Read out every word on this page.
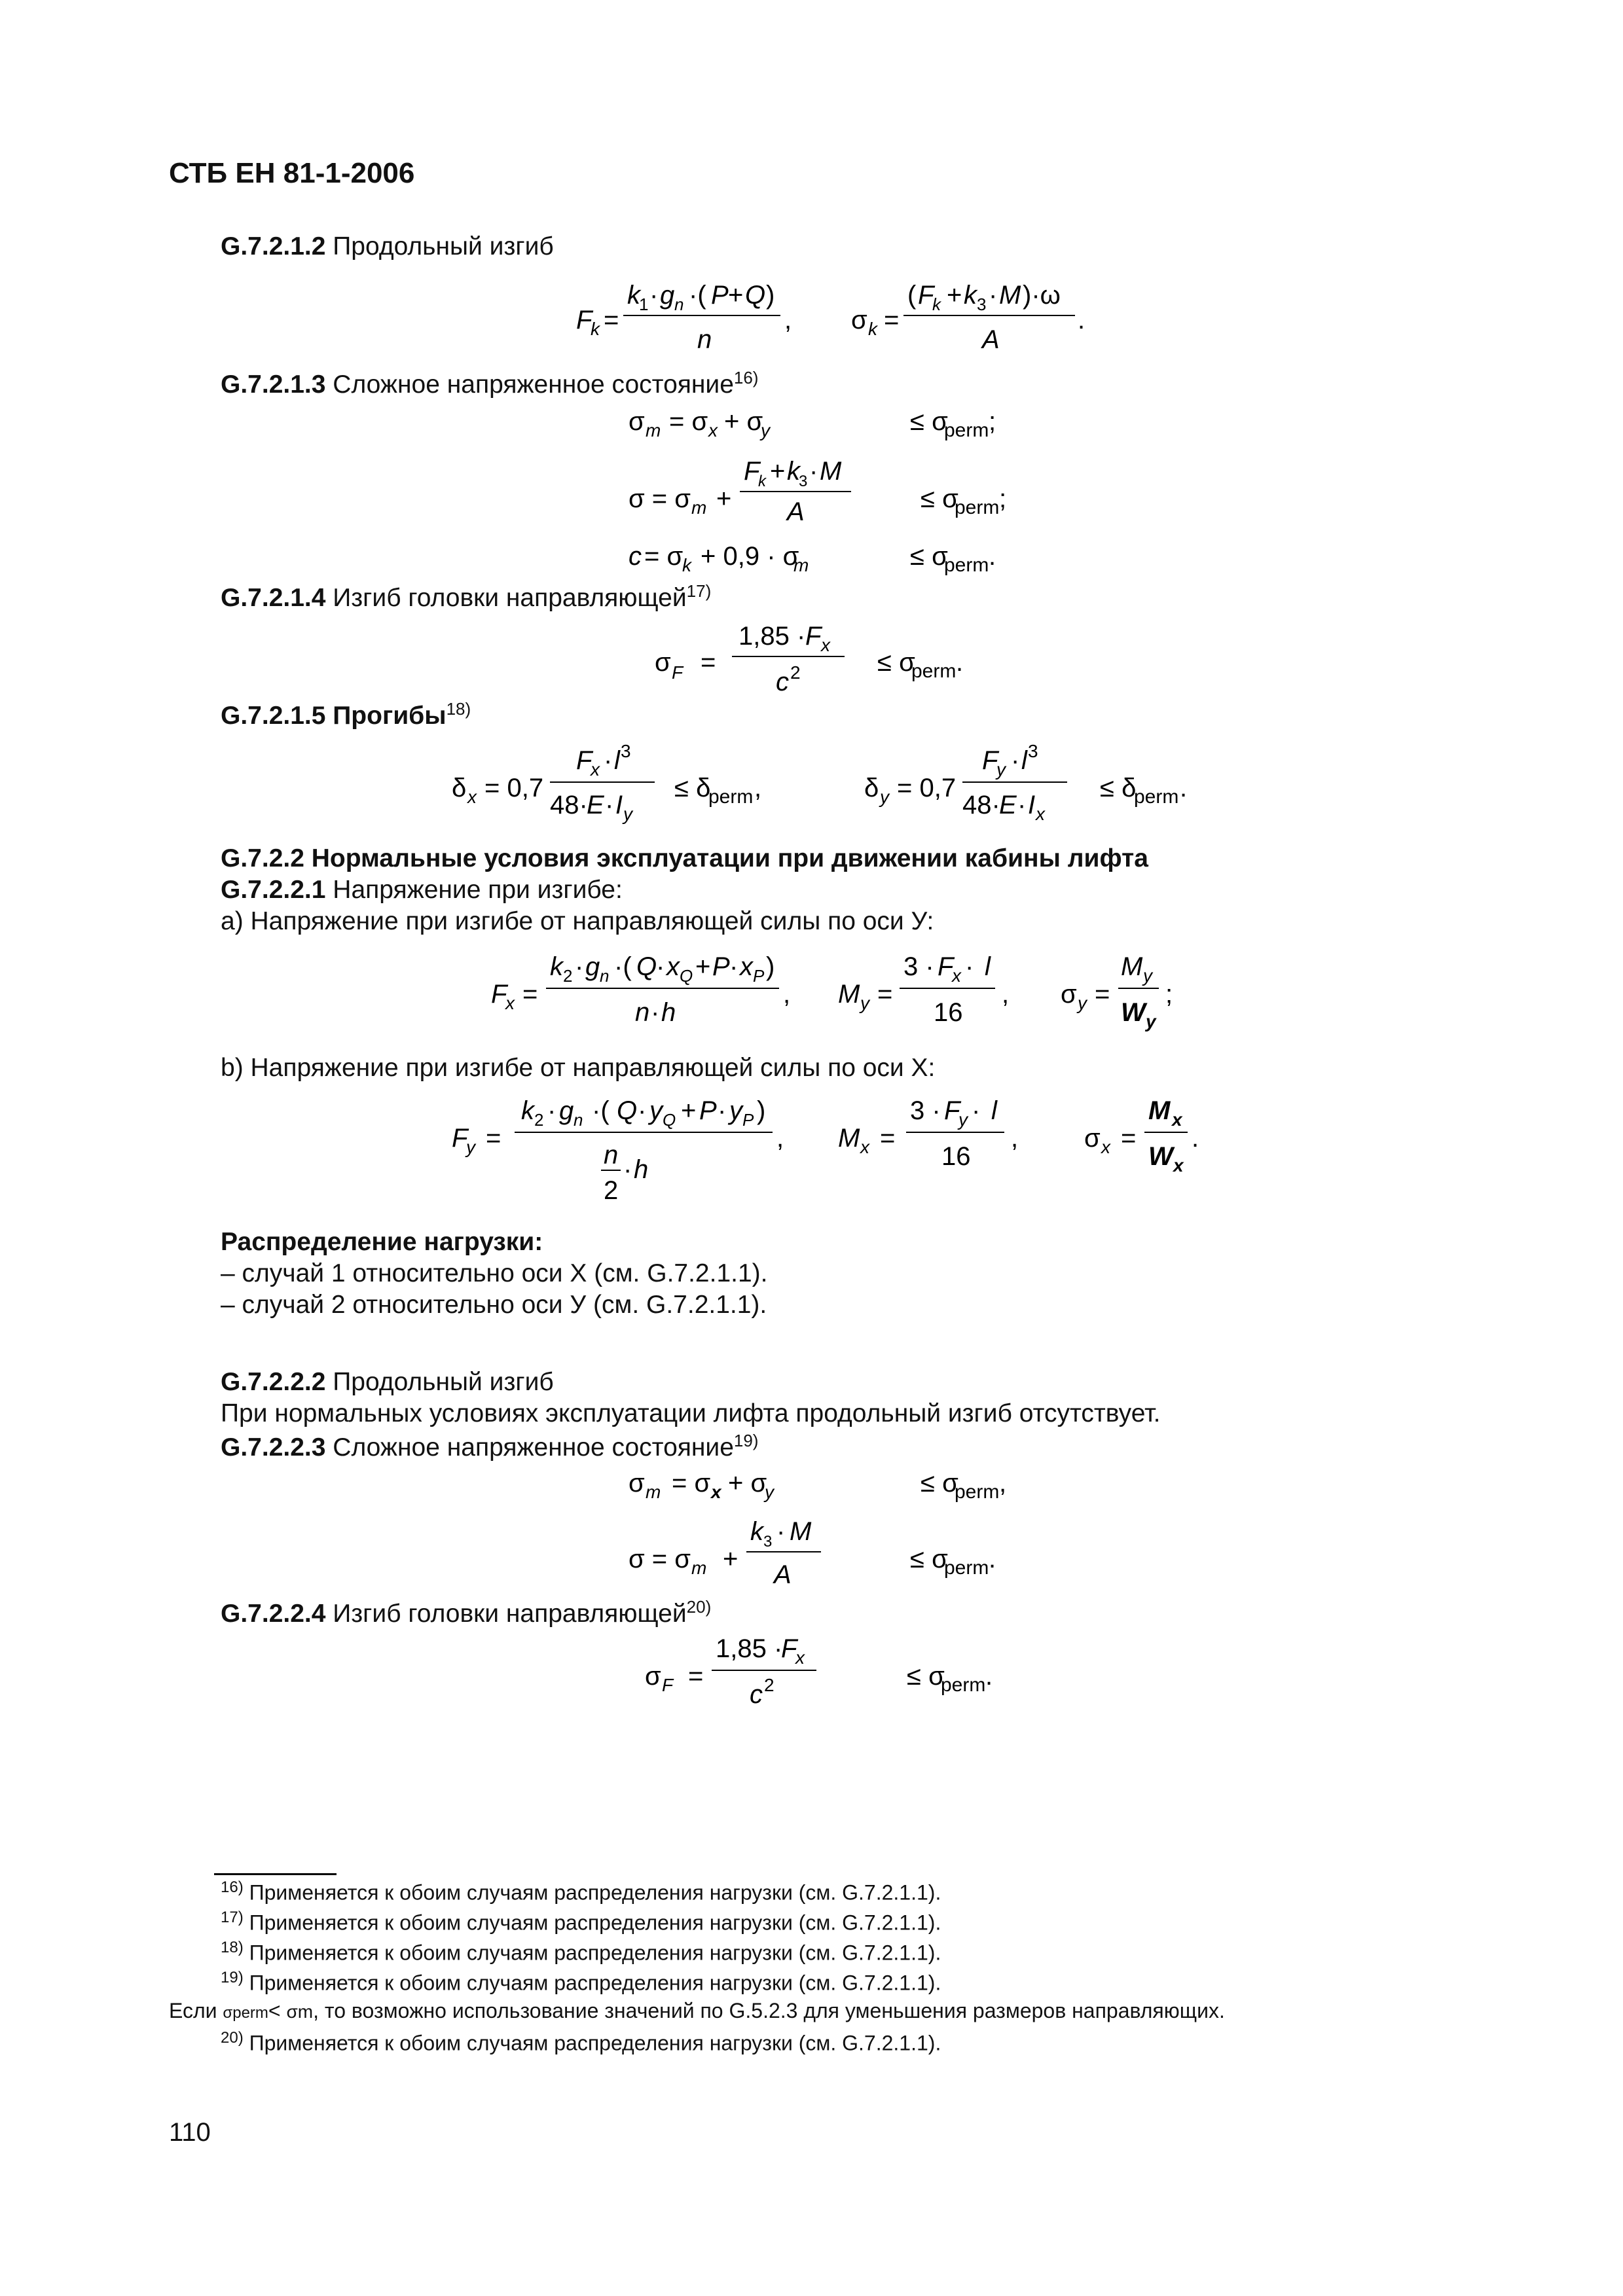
СТБ ЕН 81-1-2006
G.7.2.1.2 Продольный изгиб
F
k =
k
1 · g n ·( P + Q )
n
, σ k =
( F
k + k 3 · M )·ω
A
.
G.7.2.1.3 Сложное напряженное состояние$^{16)}$
σ m = σ x + σ
y	≤ σ
perm ;
σ = σ m +
F
k + k
3 · M
A	≤ σ
perm ;
c = σ
k + 0,9 · σ
m	≤ σ
perm .
G.7.2.1.4 Изгиб головки направляющей$^{17)}$
σ F =
1,85 · F x
c 2	≤ σ
perm .
G.7.2.1.5 Прогибы$^{18)}$
δ x = 0,7
F
x · l 3
48·
E · I y
≤ δ
perm ,	δ y = 0,7
F
y · l 3
48·
E · I x
≤ δ
perm .
G.7.2.2 Нормальные условия эксплуатации при движении кабины лифта
G.7.2.2.1 Напряжение при изгибе:
a) Напряжение при изгибе от направляющей силы по оси У:
F
x =
k 2 · g n ·( Q
· x Q + P · x P )
n · h
, M y =
3 · F
x · l
16
, σ y =
M y
W y
;
b) Напряжение при изгибе от направляющей силы по оси Х:
F
y =
k 2 · g n ·( Q · y Q + P · y P )
n
2
· h
, M x =
3 · F
y · l
16
,	σ x =
M x
W x
.
Распределение нагрузки:
– случай 1 относительно оси Х (см. G.7.2.1.1).
– случай 2 относительно оси У (см. G.7.2.1.1).
G.7.2.2.2 Продольный изгиб
При нормальных условиях эксплуатации лифта продольный изгиб отсутствует.
G.7.2.2.3 Сложное напряженное состояние$^{19)}$
σ m = σ x + σ
y	≤ σ
perm ,
σ = σ m +
k 3 · M
A
≤ σ
perm .
G.7.2.2.4 Изгиб головки направляющей$^{20)}$
σ F =
1,85 ·
F
x
c 2	≤ σ
perm .
$^{16)}$ Применяется к обоим случаям распределения нагрузки (см. G.7.2.1.1).
$^{17)}$ Применяется к обоим случаям распределения нагрузки (см. G.7.2.1.1).
$^{18)}$ Применяется к обоим случаям распределения нагрузки (см. G.7.2.1.1).
$^{19)}$ Применяется к обоим случаям распределения нагрузки (см. G.7.2.1.1).
Если σperm< σm, то возможно использование значений по G.5.2.3 для уменьшения размеров направляющих.
$^{20)}$ Применяется к обоим случаям распределения нагрузки (см. G.7.2.1.1).
110
